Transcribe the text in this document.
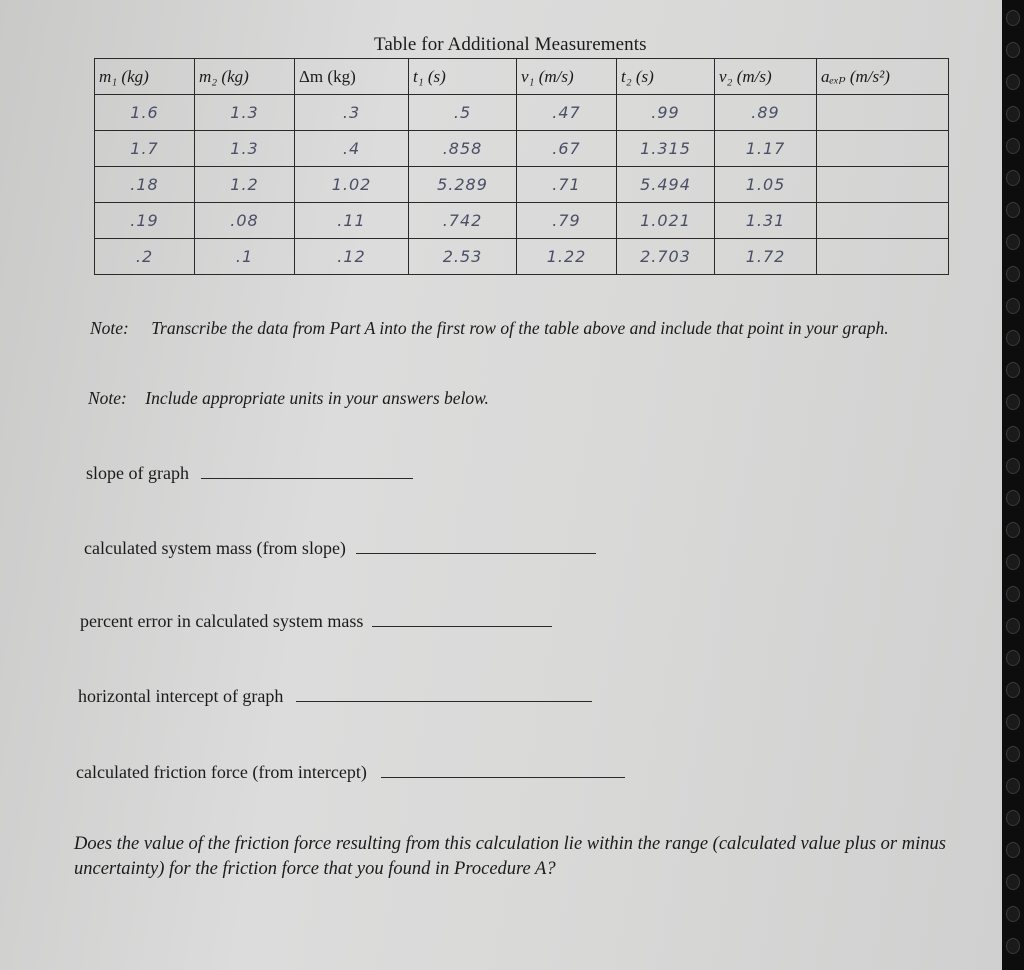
Table for Additional Measurements
m₁ (kg)	m₂ (kg)	Δm (kg)	t₁ (s)	v₁ (m/s)	t₂ (s)	v₂ (m/s)	aₑₓₚ (m/s²)
1.6	1.3	.3	.5	.47	.99	.89	
1.7	1.3	.4	.858	.67	1.315	1.17	
.18	1.2	1.02	5.289	.71	5.494	1.05	
.19	.08	.11	.742	.79	1.021	1.31	
.2	.1	.12	2.53	1.22	2.703	1.72	
Note: Transcribe the data from Part A into the first row of the table above and include that point in your graph.
Note: Include appropriate units in your answers below.
slope of graph
calculated system mass (from slope)
percent error in calculated system mass
horizontal intercept of graph
calculated friction force (from intercept)
Does the value of the friction force resulting from this calculation lie within the range (calculated value plus or minus uncertainty) for the friction force that you found in Procedure A?
